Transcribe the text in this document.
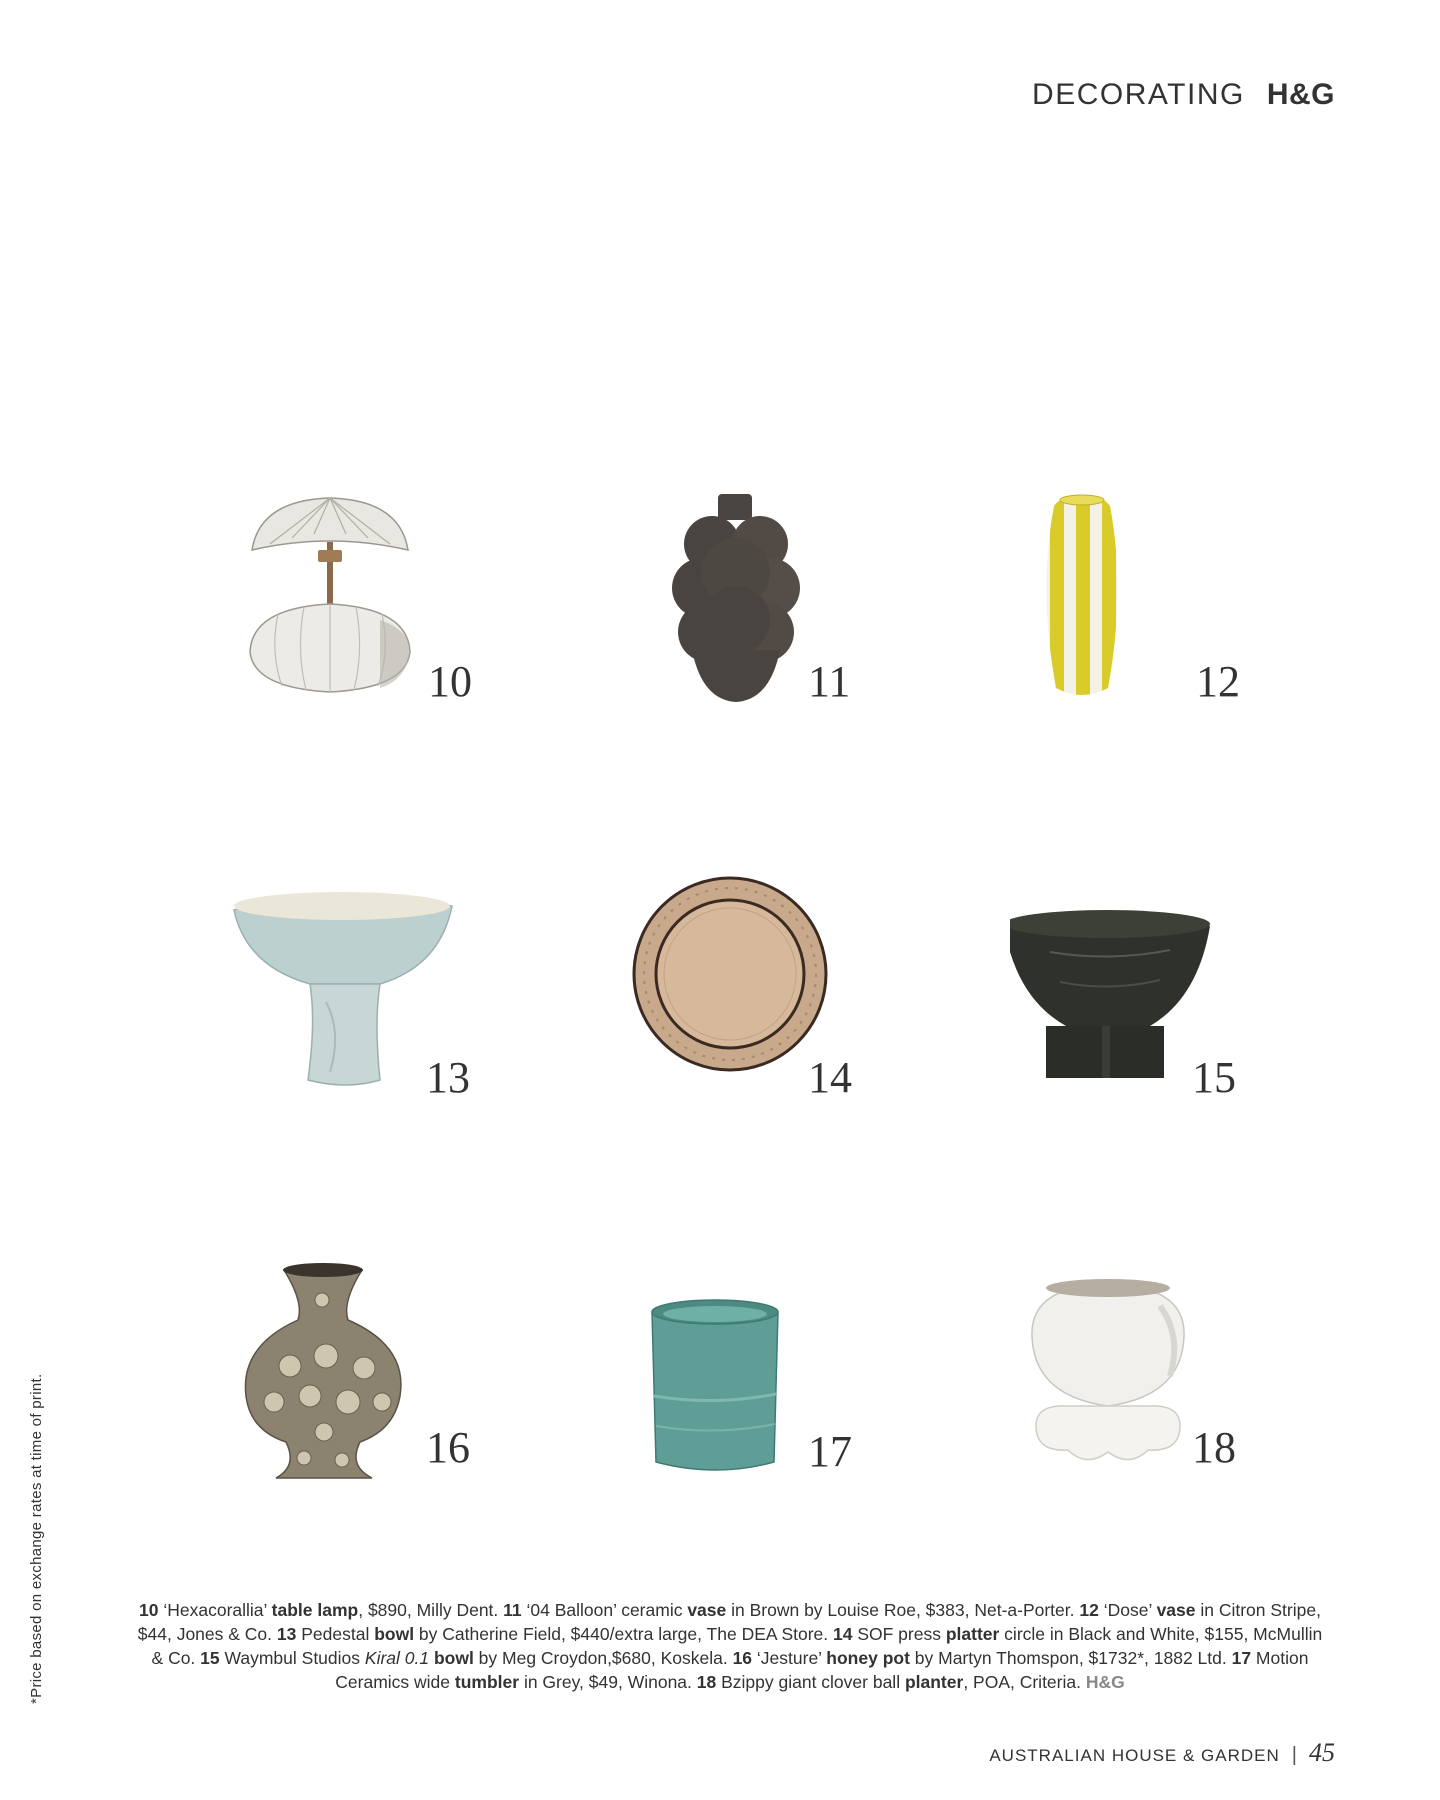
DECORATING H&G
10	11	12
13	14	15
16	17	18
*Price based on exchange rates at time of print.	10 ‘Hexacorallia’ table lamp, $890, Milly Dent. 11 ‘04 Balloon’ ceramic vase in Brown by Louise Roe, $383, Net-a-Porter. 12 ‘Dose’ vase in Citron Stripe, $44, Jones & Co. 13 Pedestal bowl by Catherine Field, $440/extra large, The DEA Store. 14 SOF press platter circle in Black and White, $155, McMullin & Co. 15 Waymbul Studios Kiral 0.1 bowl by Meg Croydon,$680, Koskela. 16 ‘Jesture’ honey pot by Martyn Thomspon, $1732*, 1882 Ltd. 17 Motion Ceramics wide tumbler in Grey, $49, Winona. 18 Bzippy giant clover ball planter, POA, Criteria. H&G
AUSTRALIAN HOUSE & GARDEN | 45
